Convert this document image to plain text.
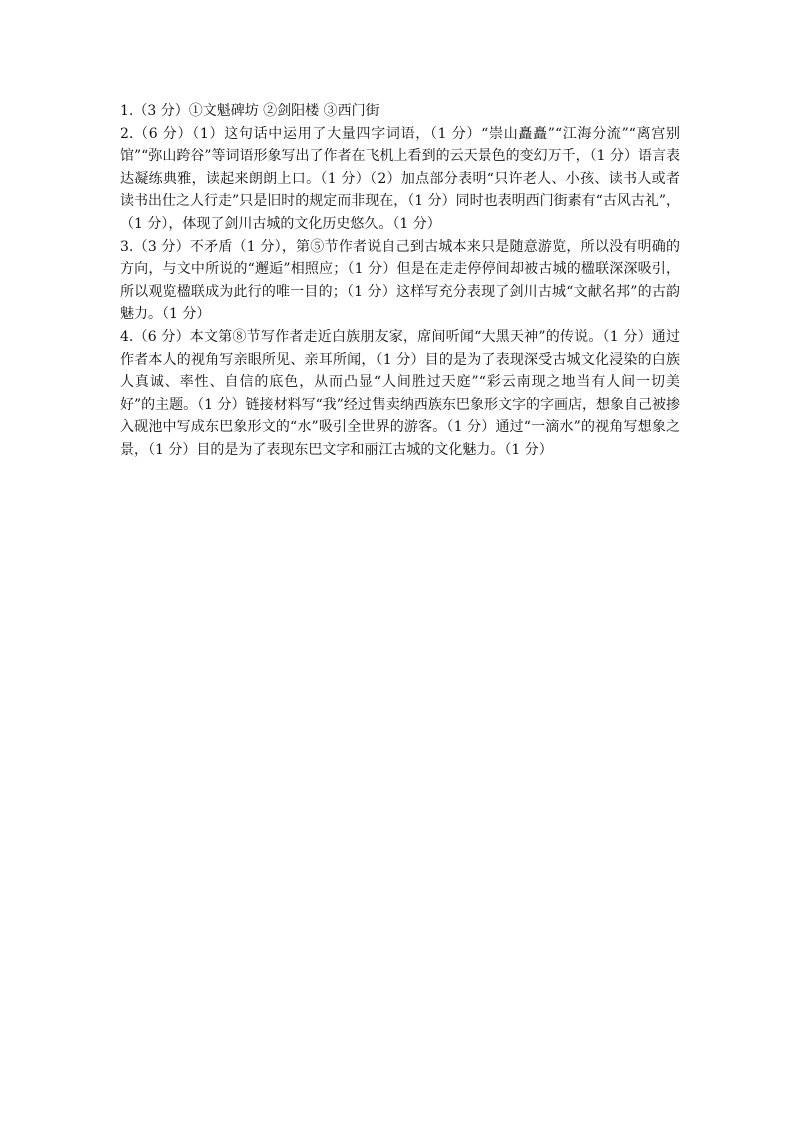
1.（3 分）①文魁碑坊 ②剑阳楼 ③西门街

2.（6 分）（1）这句话中运用了大量四字词语，（1 分）“崇山矗矗”“江海分流”“离宫别馆”“弥山跨谷”等词语形象写出了作者在飞机上看到的云天景色的变幻万千，（1 分）语言表达凝练典雅，读起来朗朗上口。（1 分）（2）加点部分表明“只许老人、小孩、读书人或者读书出仕之人行走”只是旧时的规定而非现在，（1 分）同时也表明西门街素有“古风古礼”，（1 分），体现了剑川古城的文化历史悠久。（1 分）

3.（3 分）不矛盾（1 分），第⑤节作者说自己到古城本来只是随意游览，所以没有明确的方向，与文中所说的“邂逅”相照应；（1 分）但是在走走停停间却被古城的楹联深深吸引，所以观览楹联成为此行的唯一目的；（1 分）这样写充分表现了剑川古城“文献名邦”的古韵魅力。（1 分）

4.（6 分）本文第⑧节写作者走近白族朋友家，席间听闻“大黑天神”的传说。（1 分）通过作者本人的视角写亲眼所见、亲耳所闻，（1 分）目的是为了表现深受古城文化浸染的白族人真诚、率性、自信的底色，从而凸显“人间胜过天庭”“彩云南现之地当有人间一切美好”的主题。（1 分）链接材料写“我”经过售卖纳西族东巴象形文字的字画店，想象自己被掺入砚池中写成东巴象形文的“水”吸引全世界的游客。（1 分）通过“一滴水”的视角写想象之景，（1 分）目的是为了表现东巴文字和丽江古城的文化魅力。（1 分）
